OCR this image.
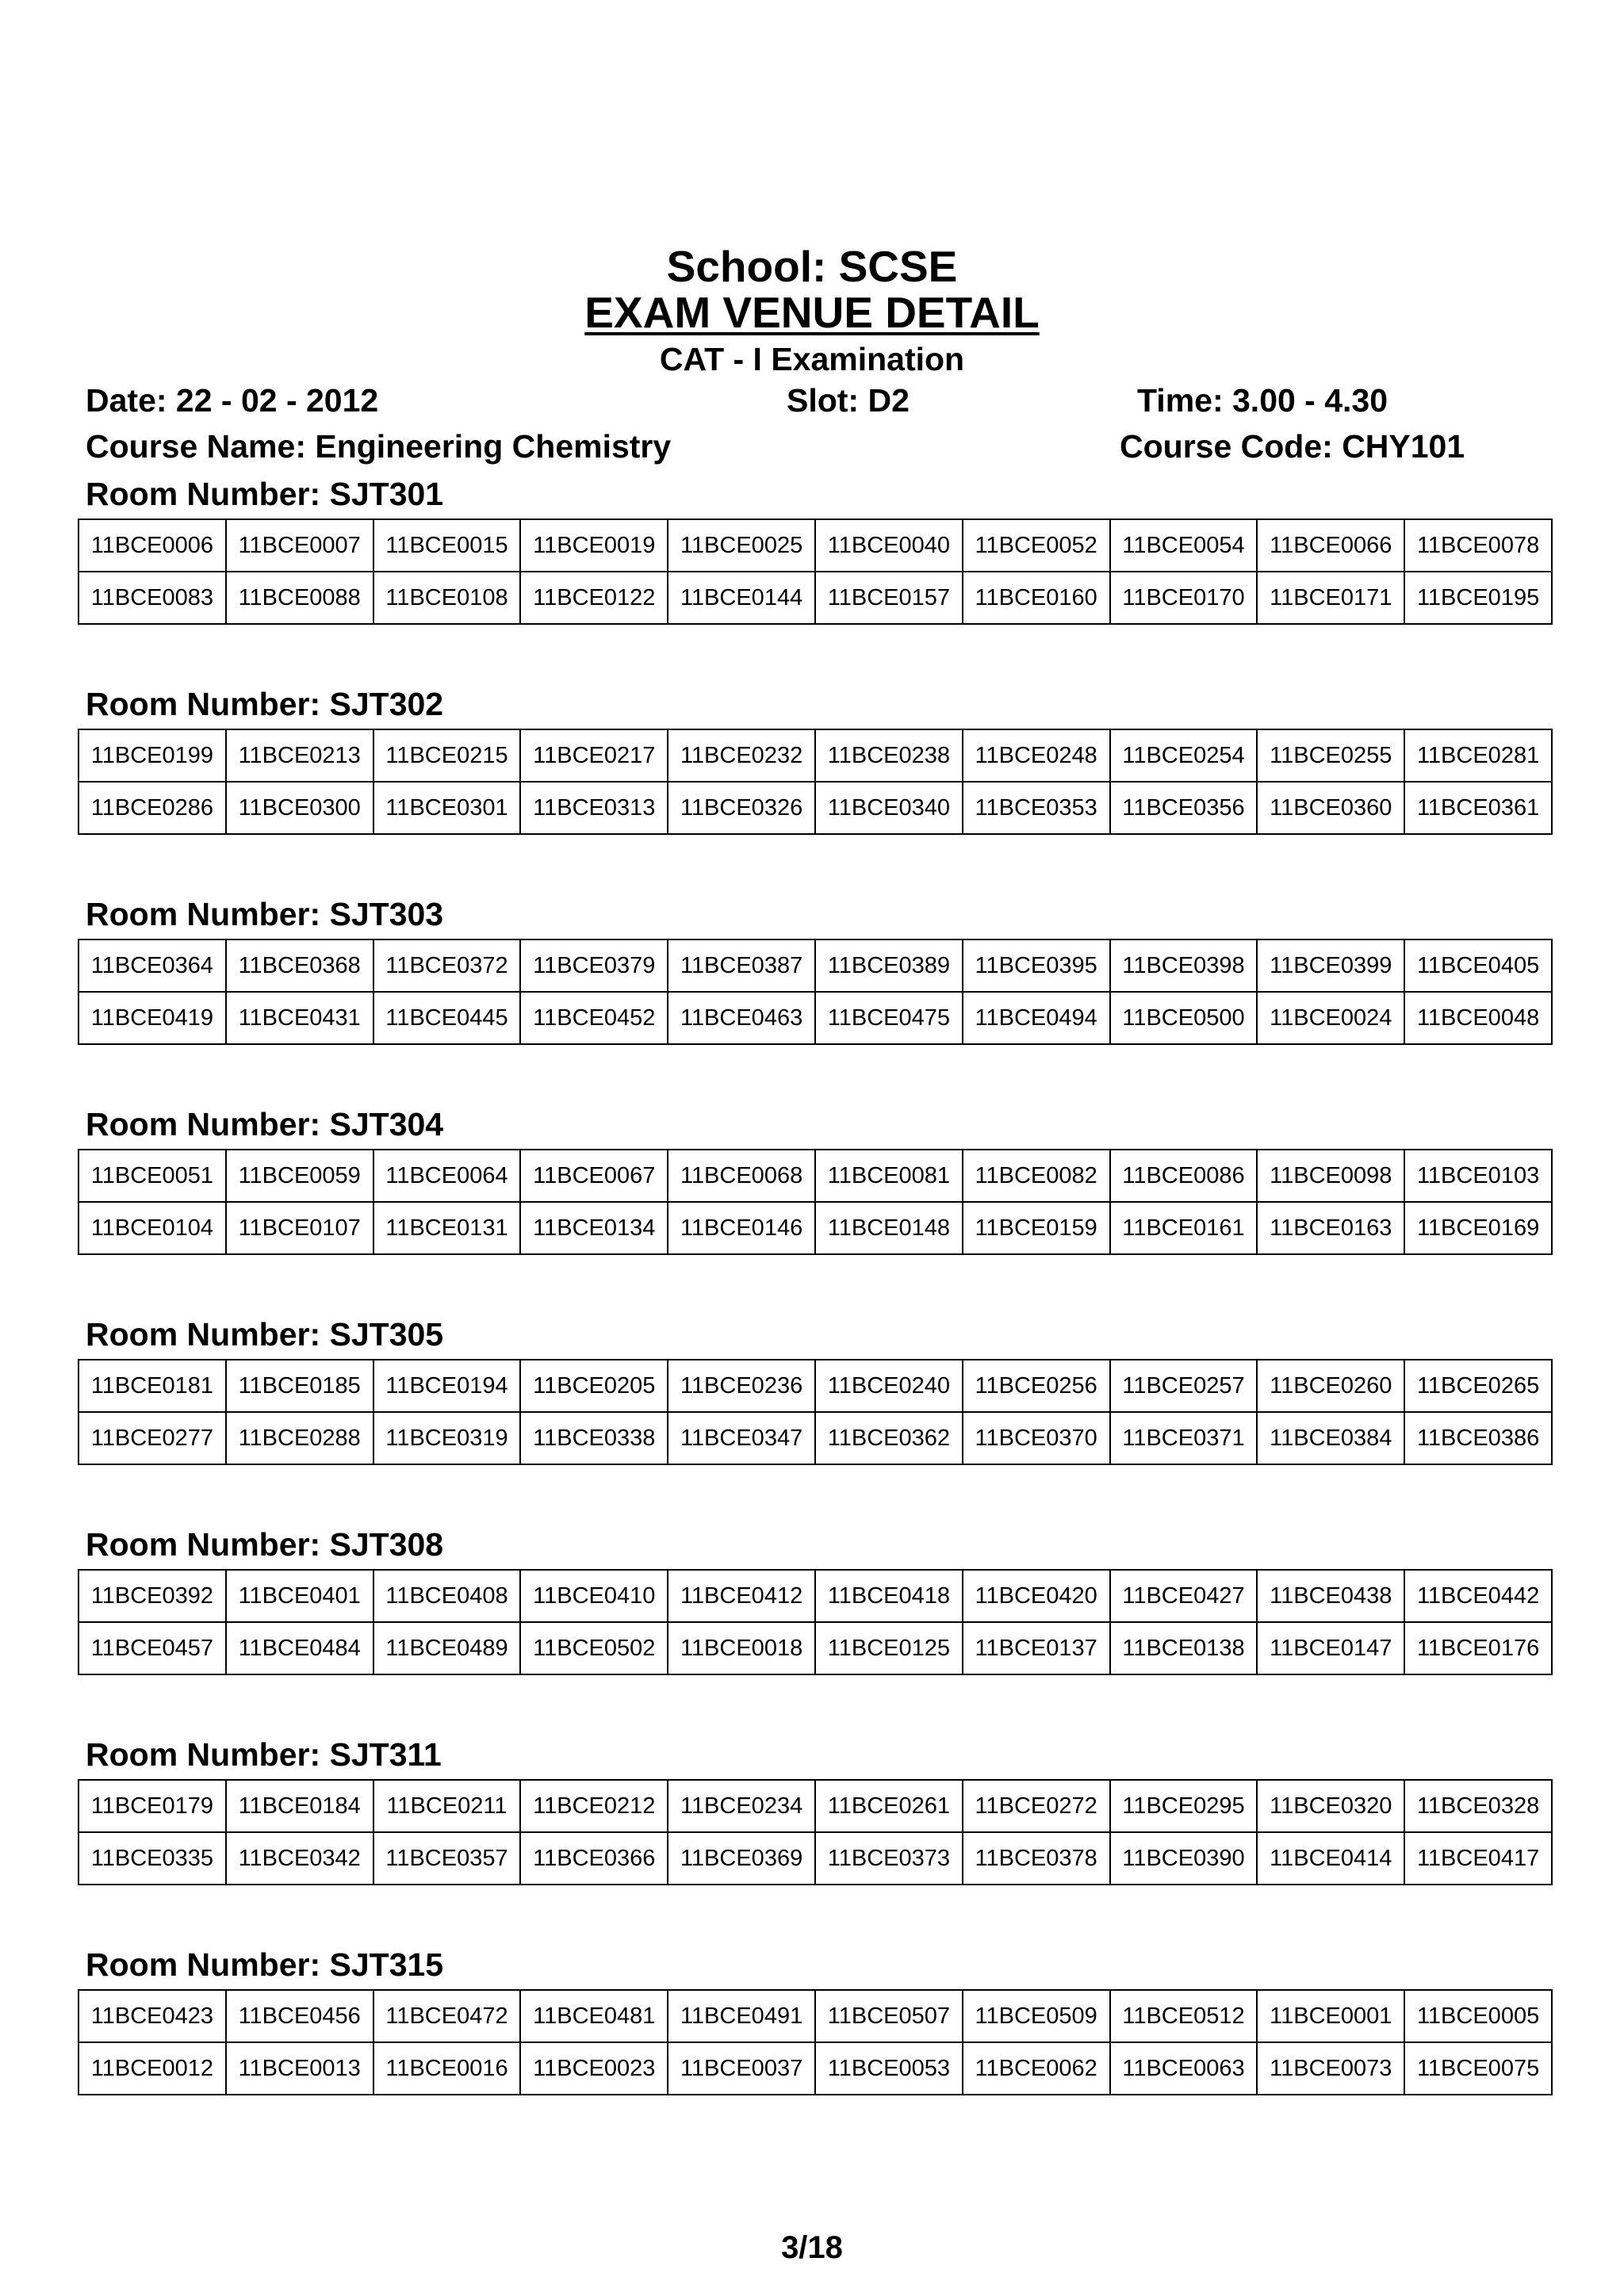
School: SCSE
EXAM VENUE DETAIL
CAT - I Examination
Date: 22 - 02 - 2012	Slot: D2	Time: 3.00 - 4.30
Course Name: Engineering Chemistry	Course Code: CHY101
Room Number: SJT301
11BCE0006	11BCE0007	11BCE0015	11BCE0019	11BCE0025	11BCE0040	11BCE0052	11BCE0054	11BCE0066	11BCE0078
11BCE0083	11BCE0088	11BCE0108	11BCE0122	11BCE0144	11BCE0157	11BCE0160	11BCE0170	11BCE0171	11BCE0195
Room Number: SJT302
11BCE0199	11BCE0213	11BCE0215	11BCE0217	11BCE0232	11BCE0238	11BCE0248	11BCE0254	11BCE0255	11BCE0281
11BCE0286	11BCE0300	11BCE0301	11BCE0313	11BCE0326	11BCE0340	11BCE0353	11BCE0356	11BCE0360	11BCE0361
Room Number: SJT303
11BCE0364	11BCE0368	11BCE0372	11BCE0379	11BCE0387	11BCE0389	11BCE0395	11BCE0398	11BCE0399	11BCE0405
11BCE0419	11BCE0431	11BCE0445	11BCE0452	11BCE0463	11BCE0475	11BCE0494	11BCE0500	11BCE0024	11BCE0048
Room Number: SJT304
11BCE0051	11BCE0059	11BCE0064	11BCE0067	11BCE0068	11BCE0081	11BCE0082	11BCE0086	11BCE0098	11BCE0103
11BCE0104	11BCE0107	11BCE0131	11BCE0134	11BCE0146	11BCE0148	11BCE0159	11BCE0161	11BCE0163	11BCE0169
Room Number: SJT305
11BCE0181	11BCE0185	11BCE0194	11BCE0205	11BCE0236	11BCE0240	11BCE0256	11BCE0257	11BCE0260	11BCE0265
11BCE0277	11BCE0288	11BCE0319	11BCE0338	11BCE0347	11BCE0362	11BCE0370	11BCE0371	11BCE0384	11BCE0386
Room Number: SJT308
11BCE0392	11BCE0401	11BCE0408	11BCE0410	11BCE0412	11BCE0418	11BCE0420	11BCE0427	11BCE0438	11BCE0442
11BCE0457	11BCE0484	11BCE0489	11BCE0502	11BCE0018	11BCE0125	11BCE0137	11BCE0138	11BCE0147	11BCE0176
Room Number: SJT311
11BCE0179	11BCE0184	11BCE0211	11BCE0212	11BCE0234	11BCE0261	11BCE0272	11BCE0295	11BCE0320	11BCE0328
11BCE0335	11BCE0342	11BCE0357	11BCE0366	11BCE0369	11BCE0373	11BCE0378	11BCE0390	11BCE0414	11BCE0417
Room Number: SJT315
11BCE0423	11BCE0456	11BCE0472	11BCE0481	11BCE0491	11BCE0507	11BCE0509	11BCE0512	11BCE0001	11BCE0005
11BCE0012	11BCE0013	11BCE0016	11BCE0023	11BCE0037	11BCE0053	11BCE0062	11BCE0063	11BCE0073	11BCE0075
3/18
